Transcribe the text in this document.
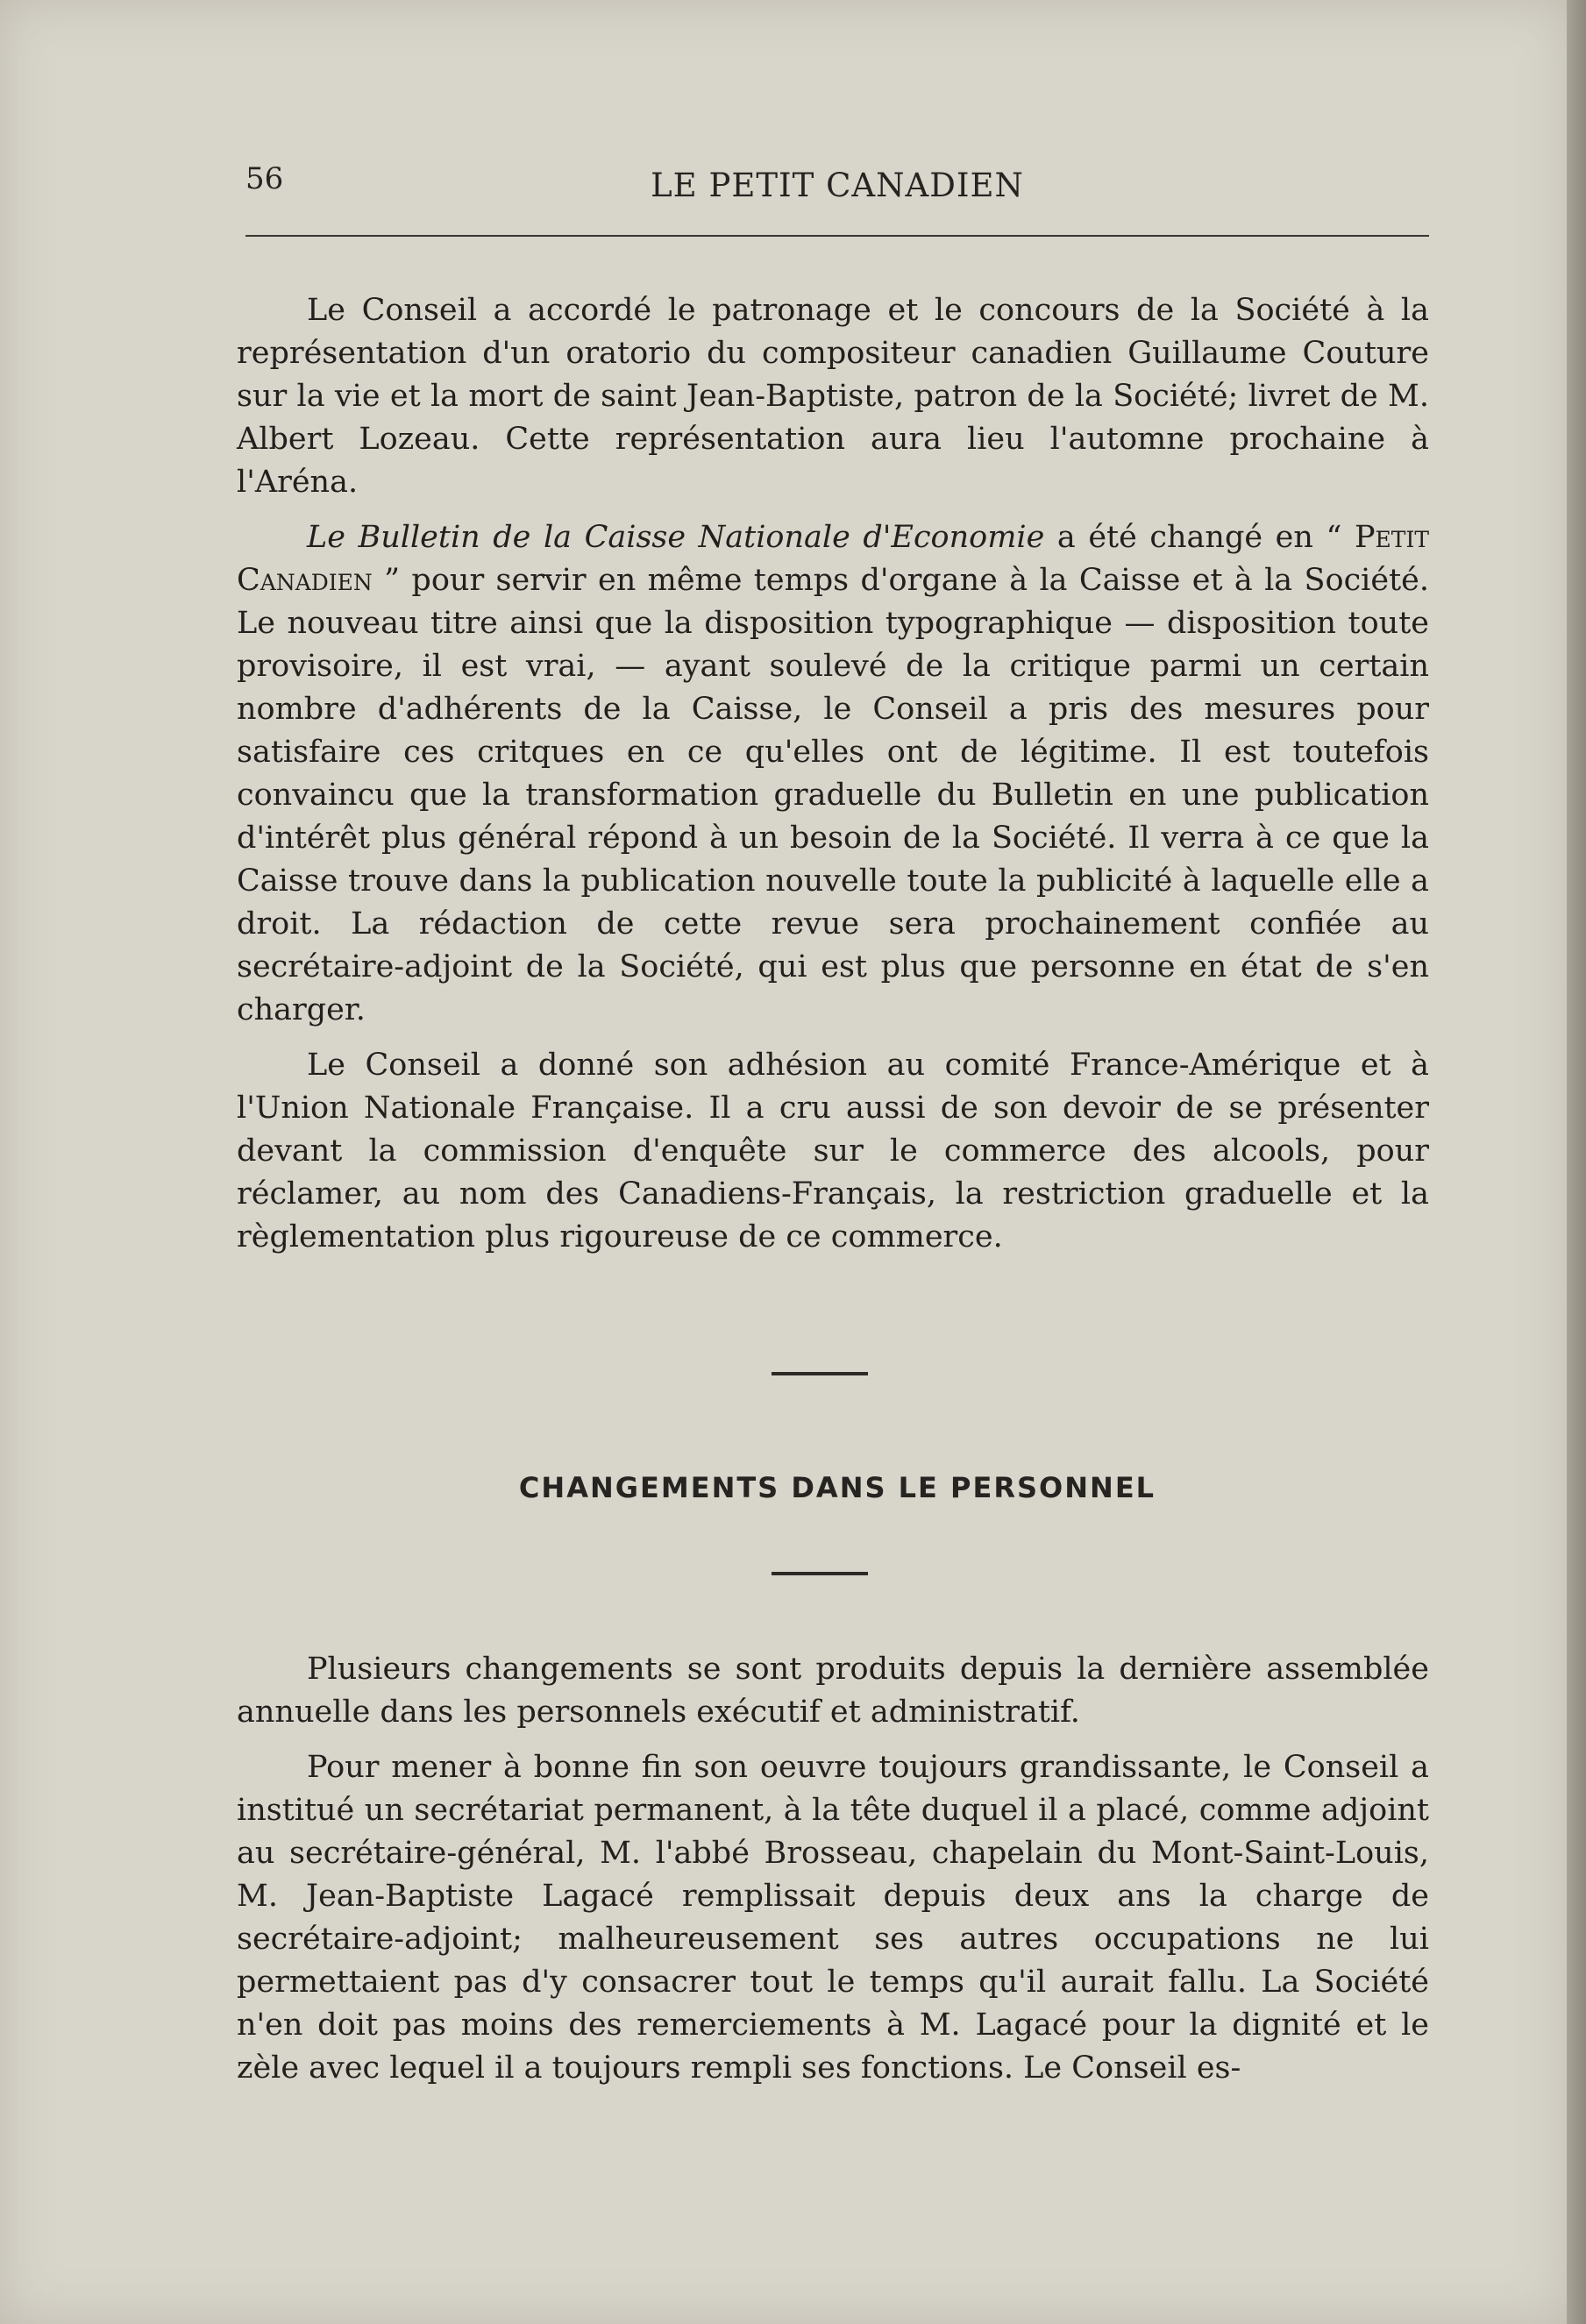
56	LE PETIT CANADIEN

Le Conseil a accordé le patronage et le concours de la Société à la représentation d'un oratorio du compositeur canadien Guillaume Couture sur la vie et la mort de saint Jean-Baptiste, patron de la Société; livret de M. Albert Lozeau. Cette représentation aura lieu l'automne prochaine à l'Aréna.

Le Bulletin de la Caisse Nationale d'Economie a été changé en “ Petit Canadien ” pour servir en même temps d'organe à la Caisse et à la Société. Le nouveau titre ainsi que la disposition typographique — disposition toute provisoire, il est vrai, — ayant soulevé de la critique parmi un certain nombre d'adhérents de la Caisse, le Conseil a pris des mesures pour satisfaire ces critques en ce qu'elles ont de légitime. Il est toutefois convaincu que la transformation graduelle du Bulletin en une publication d'intérêt plus général répond à un besoin de la Société. Il verra à ce que la Caisse trouve dans la publication nouvelle toute la publicité à laquelle elle a droit. La rédaction de cette revue sera prochainement confiée au secrétaire-adjoint de la Société, qui est plus que personne en état de s'en charger.

Le Conseil a donné son adhésion au comité France-Amérique et à l'Union Nationale Française. Il a cru aussi de son devoir de se présenter devant la commission d'enquête sur le commerce des alcools, pour réclamer, au nom des Canadiens-Français, la restriction graduelle et la règlementation plus rigoureuse de ce commerce.

CHANGEMENTS DANS LE PERSONNEL

Plusieurs changements se sont produits depuis la dernière assemblée annuelle dans les personnels exécutif et administratif.

Pour mener à bonne fin son oeuvre toujours grandissante, le Conseil a institué un secrétariat permanent, à la tête duquel il a placé, comme adjoint au secrétaire-général, M. l'abbé Brosseau, chapelain du Mont-Saint-Louis, M. Jean-Baptiste Lagacé remplissait depuis deux ans la charge de secrétaire-adjoint; malheureusement ses autres occupations ne lui permettaient pas d'y consacrer tout le temps qu'il aurait fallu. La Société n'en doit pas moins des remerciements à M. Lagacé pour la dignité et le zèle avec lequel il a toujours rempli ses fonctions. Le Conseil es-
